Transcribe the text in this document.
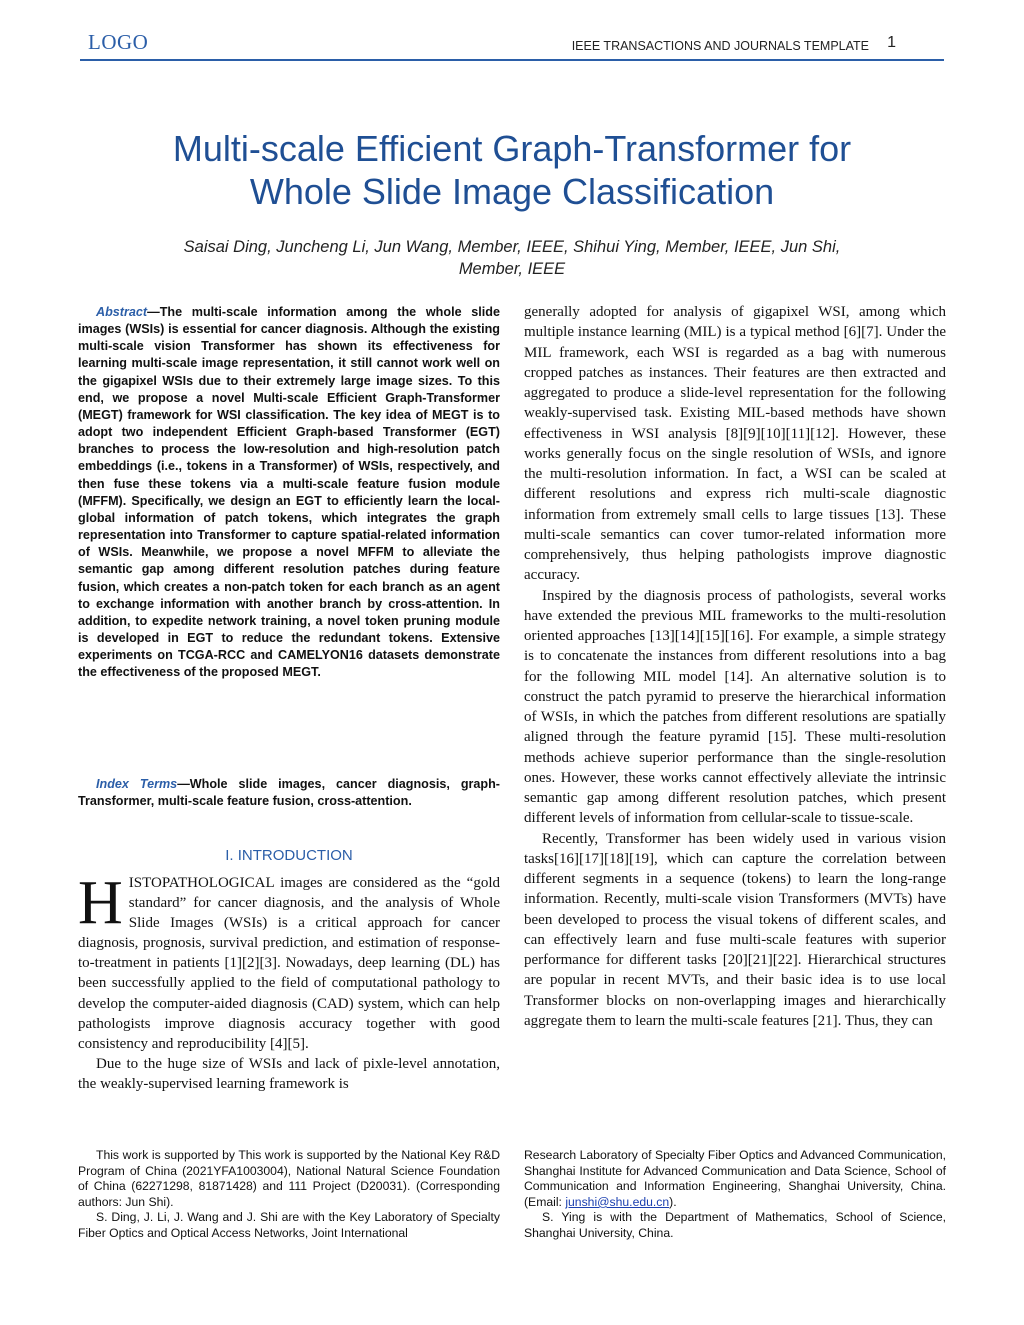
LOGO	IEEE TRANSACTIONS AND JOURNALS TEMPLATE 1
Multi-scale Efficient Graph-Transformer for
Whole Slide Image Classification
Saisai Ding, Juncheng Li, Jun Wang, Member, IEEE, Shihui Ying, Member, IEEE, Jun Shi,
Member, IEEE
Abstract—The multi-scale information among the whole slide images (WSIs) is essential for cancer diagnosis. Although the existing multi-scale vision Transformer has shown its effectiveness for learning multi-scale image representation, it still cannot work well on the gigapixel WSIs due to their extremely large image sizes. To this end, we propose a novel Multi-scale Efficient Graph-Transformer (MEGT) framework for WSI classification. The key idea of MEGT is to adopt two independent Efficient Graph-based Transformer (EGT) branches to process the low-resolution and high-resolution patch embeddings (i.e., tokens in a Transformer) of WSIs, respectively, and then fuse these tokens via a multi-scale feature fusion module (MFFM). Specifically, we design an EGT to efficiently learn the local-global information of patch tokens, which integrates the graph representation into Transformer to capture spatial-related information of WSIs. Meanwhile, we propose a novel MFFM to alleviate the semantic gap among different resolution patches during feature fusion, which creates a non-patch token for each branch as an agent to exchange information with another branch by cross-attention. In addition, to expedite network training, a novel token pruning module is developed in EGT to reduce the redundant tokens. Extensive experiments on TCGA-RCC and CAMELYON16 datasets demonstrate the effectiveness of the proposed MEGT.
Index Terms—Whole slide images, cancer diagnosis, graph-Transformer, multi-scale feature fusion, cross-attention.
I. INTRODUCTION

HISTOPATHOLOGICAL images are considered as the “gold standard” for cancer diagnosis, and the analysis of Whole Slide Images (WSIs) is a critical approach for cancer diagnosis, prognosis, survival prediction, and estimation of response-to-treatment in patients [1][2][3]. Nowadays, deep learning (DL) has been successfully applied to the field of computational pathology to develop the computer-aided diagnosis (CAD) system, which can help pathologists improve diagnosis accuracy together with good consistency and reproducibility [4][5].

Due to the huge size of WSIs and lack of pixle-level annotation, the weakly-supervised learning framework is

generally adopted for analysis of gigapixel WSI, among which multiple instance learning (MIL) is a typical method [6][7]. Under the MIL framework, each WSI is regarded as a bag with numerous cropped patches as instances. Their features are then extracted and aggregated to produce a slide-level representation for the following weakly-supervised task. Existing MIL-based methods have shown effectiveness in WSI analysis [8][9][10][11][12]. However, these works generally focus on the single resolution of WSIs, and ignore the multi-resolution information. In fact, a WSI can be scaled at different resolutions and express rich multi-scale diagnostic information from extremely small cells to large tissues [13]. These multi-scale semantics can cover tumor-related information more comprehensively, thus helping pathologists improve diagnostic accuracy.

Inspired by the diagnosis process of pathologists, several works have extended the previous MIL frameworks to the multi-resolution oriented approaches [13][14][15][16]. For example, a simple strategy is to concatenate the instances from different resolutions into a bag for the following MIL model [14]. An alternative solution is to construct the patch pyramid to preserve the hierarchical information of WSIs, in which the patches from different resolutions are spatially aligned through the feature pyramid [15]. These multi-resolution methods achieve superior performance than the single-resolution ones. However, these works cannot effectively alleviate the intrinsic semantic gap among different resolution patches, which present different levels of information from cellular-scale to tissue-scale.

Recently, Transformer has been widely used in various vision tasks[16][17][18][19], which can capture the correlation between different segments in a sequence (tokens) to learn the long-range information. Recently, multi-scale vision Transformers (MVTs) have been developed to process the visual tokens of different scales, and can effectively learn and fuse multi-scale features with superior performance for different tasks [20][21][22]. Hierarchical structures are popular in recent MVTs, and their basic idea is to use local Transformer blocks on non-overlapping images and hierarchically aggregate them to learn the multi-scale features [21]. Thus, they can

This work is supported by This work is supported by the National Key R&D Program of China (2021YFA1003004), National Natural Science Foundation of China (62271298, 81871428) and 111 Project (D20031). (Corresponding authors: Jun Shi).

S. Ding, J. Li, J. Wang and J. Shi are with the Key Laboratory of Specialty Fiber Optics and Optical Access Networks, Joint International

Research Laboratory of Specialty Fiber Optics and Advanced Communication, Shanghai Institute for Advanced Communication and Data Science, School of Communication and Information Engineering, Shanghai University, China. (Email: junshi@shu.edu.cn).

S. Ying is with the Department of Mathematics, School of Science, Shanghai University, China.
